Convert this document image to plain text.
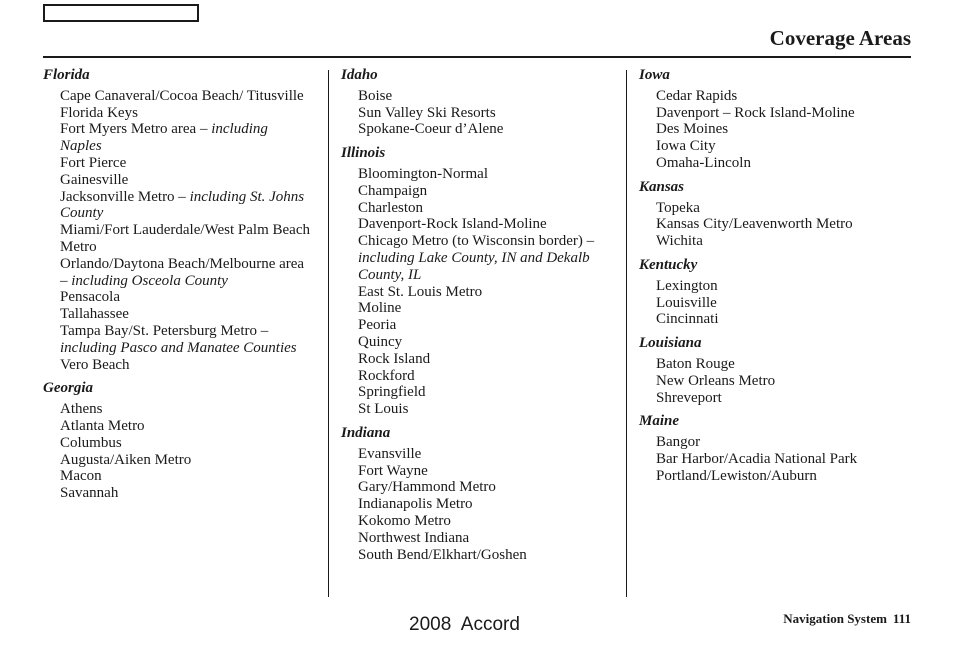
Coverage Areas
Florida
Cape Canaveral/Cocoa Beach/ Titusville
Florida Keys
Fort Myers Metro area – including Naples
Fort Pierce
Gainesville
Jacksonville Metro – including St. Johns County
Miami/Fort Lauderdale/West Palm Beach Metro
Orlando/Daytona Beach/Melbourne area – including Osceola County
Pensacola
Tallahassee
Tampa Bay/St. Petersburg Metro – including Pasco and Manatee Counties
Vero Beach
Georgia
Athens
Atlanta Metro
Columbus
Augusta/Aiken Metro
Macon
Savannah
Idaho
Boise
Sun Valley Ski Resorts
Spokane-Coeur d’Alene
Illinois
Bloomington-Normal
Champaign
Charleston
Davenport-Rock Island-Moline
Chicago Metro (to Wisconsin border) – including Lake County, IN and Dekalb County, IL
East St. Louis Metro
Moline
Peoria
Quincy
Rock Island
Rockford
Springfield
St Louis
Indiana
Evansville
Fort Wayne
Gary/Hammond Metro
Indianapolis Metro
Kokomo Metro
Northwest Indiana
South Bend/Elkhart/Goshen
Iowa
Cedar Rapids
Davenport – Rock Island-Moline
Des Moines
Iowa City
Omaha-Lincoln
Kansas
Topeka
Kansas City/Leavenworth Metro
Wichita
Kentucky
Lexington
Louisville
Cincinnati
Louisiana
Baton Rouge
New Orleans Metro
Shreveport
Maine
Bangor
Bar Harbor/Acadia National Park
Portland/Lewiston/Auburn
Navigation System 111
2008  Accord
